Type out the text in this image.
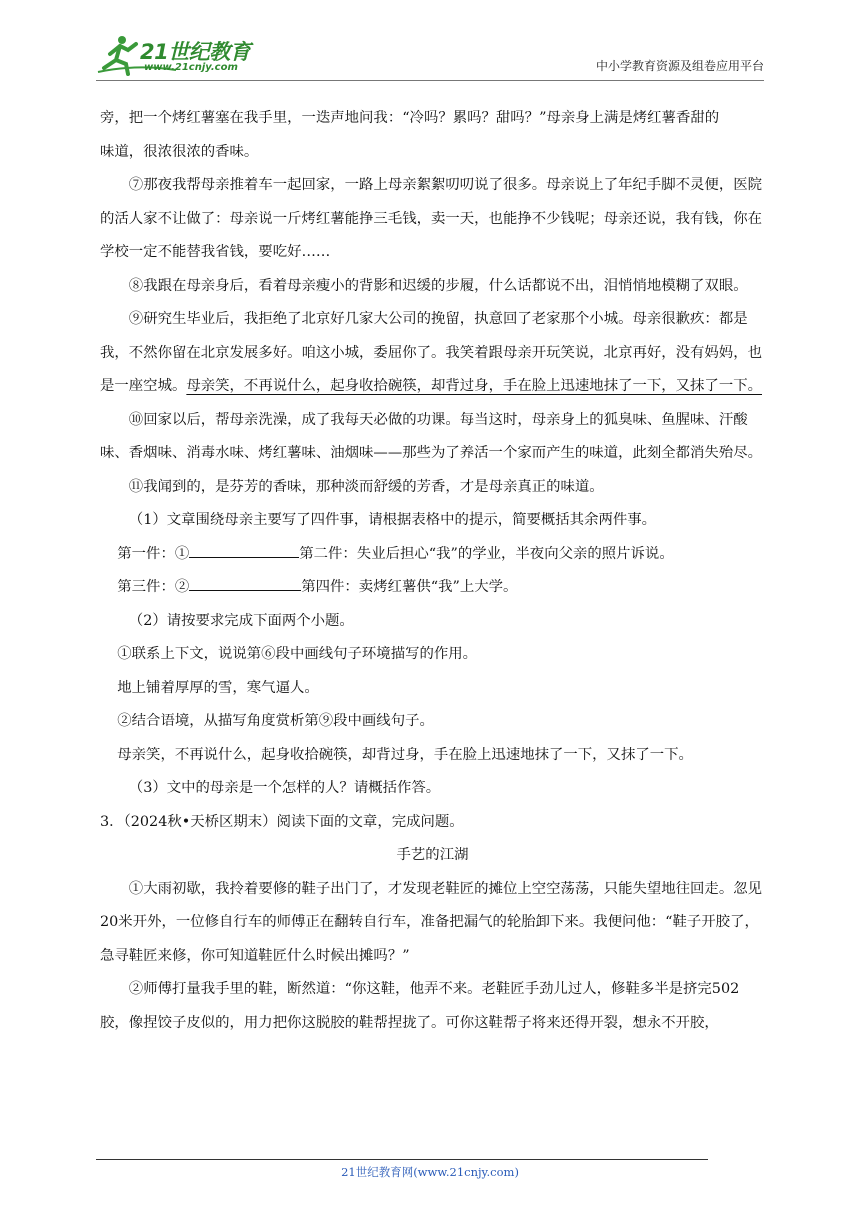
21世纪教育
www.21cnjy.com	中小学教育资源及组卷应用平台

旁，把一个烤红薯塞在我手里，一迭声地问我：“冷吗？累吗？甜吗？”母亲身上满是烤红薯香甜的

味道，很浓很浓的香味。

⑦那夜我帮母亲推着车一起回家，一路上母亲絮絮叨叨说了很多。母亲说上了年纪手脚不灵便，医院的活人家不让做了：母亲说一斤烤红薯能挣三毛钱，卖一天，也能挣不少钱呢；母亲还说，我有钱，你在学校一定不能替我省钱，要吃好……

⑧我跟在母亲身后，看着母亲瘦小的背影和迟缓的步履，什么话都说不出，泪悄悄地模糊了双眼。

⑨研究生毕业后，我拒绝了北京好几家大公司的挽留，执意回了老家那个小城。母亲很歉疚：都是我，不然你留在北京发展多好。咱这小城，委屈你了。我笑着跟母亲开玩笑说，北京再好，没有妈妈，也是一座空城。母亲笑，不再说什么，起身收拾碗筷，却背过身，手在脸上迅速地抹了一下，又抹了一下。

⑩回家以后，帮母亲洗澡，成了我每天必做的功课。每当这时，母亲身上的狐臭味、鱼腥味、汗酸味、香烟味、消毒水味、烤红薯味、油烟味——那些为了养活一个家而产生的味道，此刻全都消失殆尽。

⑪我闻到的，是芬芳的香味，那种淡而舒缓的芳香，才是母亲真正的味道。

（1）文章围绕母亲主要写了四件事，请根据表格中的提示，简要概括其余两件事。

第一件：①	第二件：失业后担心“我”的学业，半夜向父亲的照片诉说。

第三件：②	第四件：卖烤红薯供“我”上大学。

（2）请按要求完成下面两个小题。

①联系上下文，说说第⑥段中画线句子环境描写的作用。

地上铺着厚厚的雪，寒气逼人。

②结合语境，从描写角度赏析第⑨段中画线句子。

母亲笑，不再说什么，起身收拾碗筷，却背过身，手在脸上迅速地抹了一下，又抹了一下。

（3）文中的母亲是一个怎样的人？请概括作答。

3．（2024秋•天桥区期末）阅读下面的文章，完成问题。

手艺的江湖

①大雨初歇，我拎着要修的鞋子出门了，才发现老鞋匠的摊位上空空荡荡，只能失望地往回走。忽见20米开外，一位修自行车的师傅正在翻转自行车，准备把漏气的轮胎卸下来。我便问他：“鞋子开胶了，急寻鞋匠来修，你可知道鞋匠什么时候出摊吗？”

②师傅打量我手里的鞋，断然道：“你这鞋，他弄不来。老鞋匠手劲儿过人，修鞋多半是挤完502胶，像捏饺子皮似的，用力把你这脱胶的鞋帮捏拢了。可你这鞋帮子将来还得开裂，想永不开胶，

21世纪教育网(www.21cnjy.com)
